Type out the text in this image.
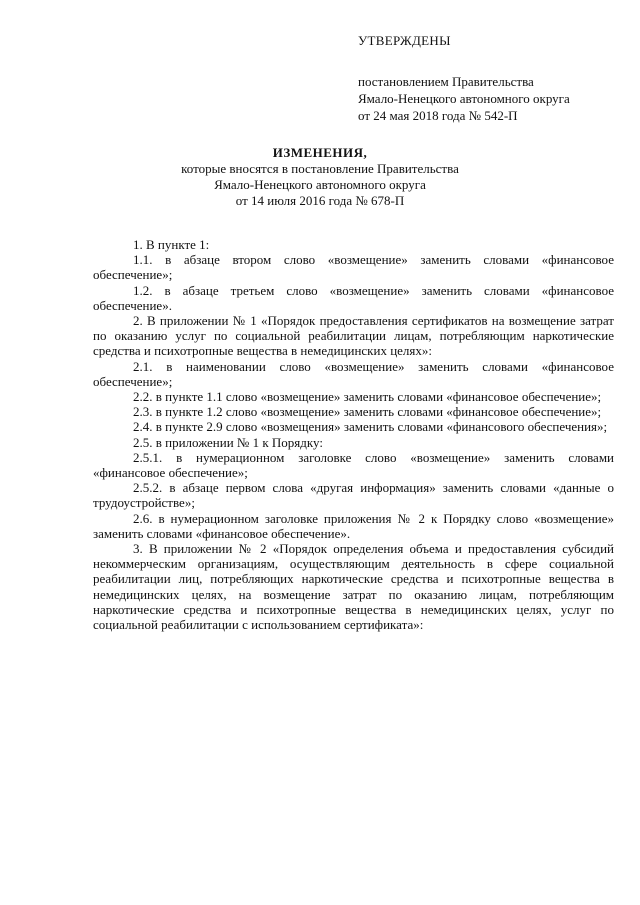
УТВЕРЖДЕНЫ
постановлением Правительства
Ямало-Ненецкого автономного округа
от 24 мая 2018 года № 542-П
ИЗМЕНЕНИЯ,
которые вносятся в постановление Правительства
Ямало-Ненецкого автономного округа
от 14 июля 2016 года № 678-П

1. В пункте 1:

1.1. в абзаце втором слово «возмещение» заменить словами «финансовое обеспечение»;

1.2. в абзаце третьем слово «возмещение» заменить словами «финансовое обеспечение».

2. В приложении № 1 «Порядок предоставления сертификатов на возмещение затрат по оказанию услуг по социальной реабилитации лицам, потребляющим наркотические средства и психотропные вещества в немедицинских целях»:

2.1. в наименовании слово «возмещение» заменить словами «финансовое обеспечение»;

2.2. в пункте 1.1 слово «возмещение» заменить словами «финансовое обеспечение»;

2.3. в пункте 1.2 слово «возмещение» заменить словами «финансовое обеспечение»;

2.4. в пункте 2.9 слово «возмещения» заменить словами «финансового обеспечения»;

2.5. в приложении № 1 к Порядку:

2.5.1. в нумерационном заголовке слово «возмещение» заменить словами «финансовое обеспечение»;

2.5.2. в абзаце первом слова «другая информация» заменить словами «данные о трудоустройстве»;

2.6. в нумерационном заголовке приложения № 2 к Порядку слово «возмещение» заменить словами «финансовое обеспечение».

3. В приложении № 2 «Порядок определения объема и предоставления субсидий некоммерческим организациям, осуществляющим деятельность в сфере социальной реабилитации лиц, потребляющих наркотические средства и психотропные вещества в немедицинских целях, на возмещение затрат по оказанию лицам, потребляющим наркотические средства и психотропные вещества в немедицинских целях, услуг по социальной реабилитации с использованием сертификата»:
